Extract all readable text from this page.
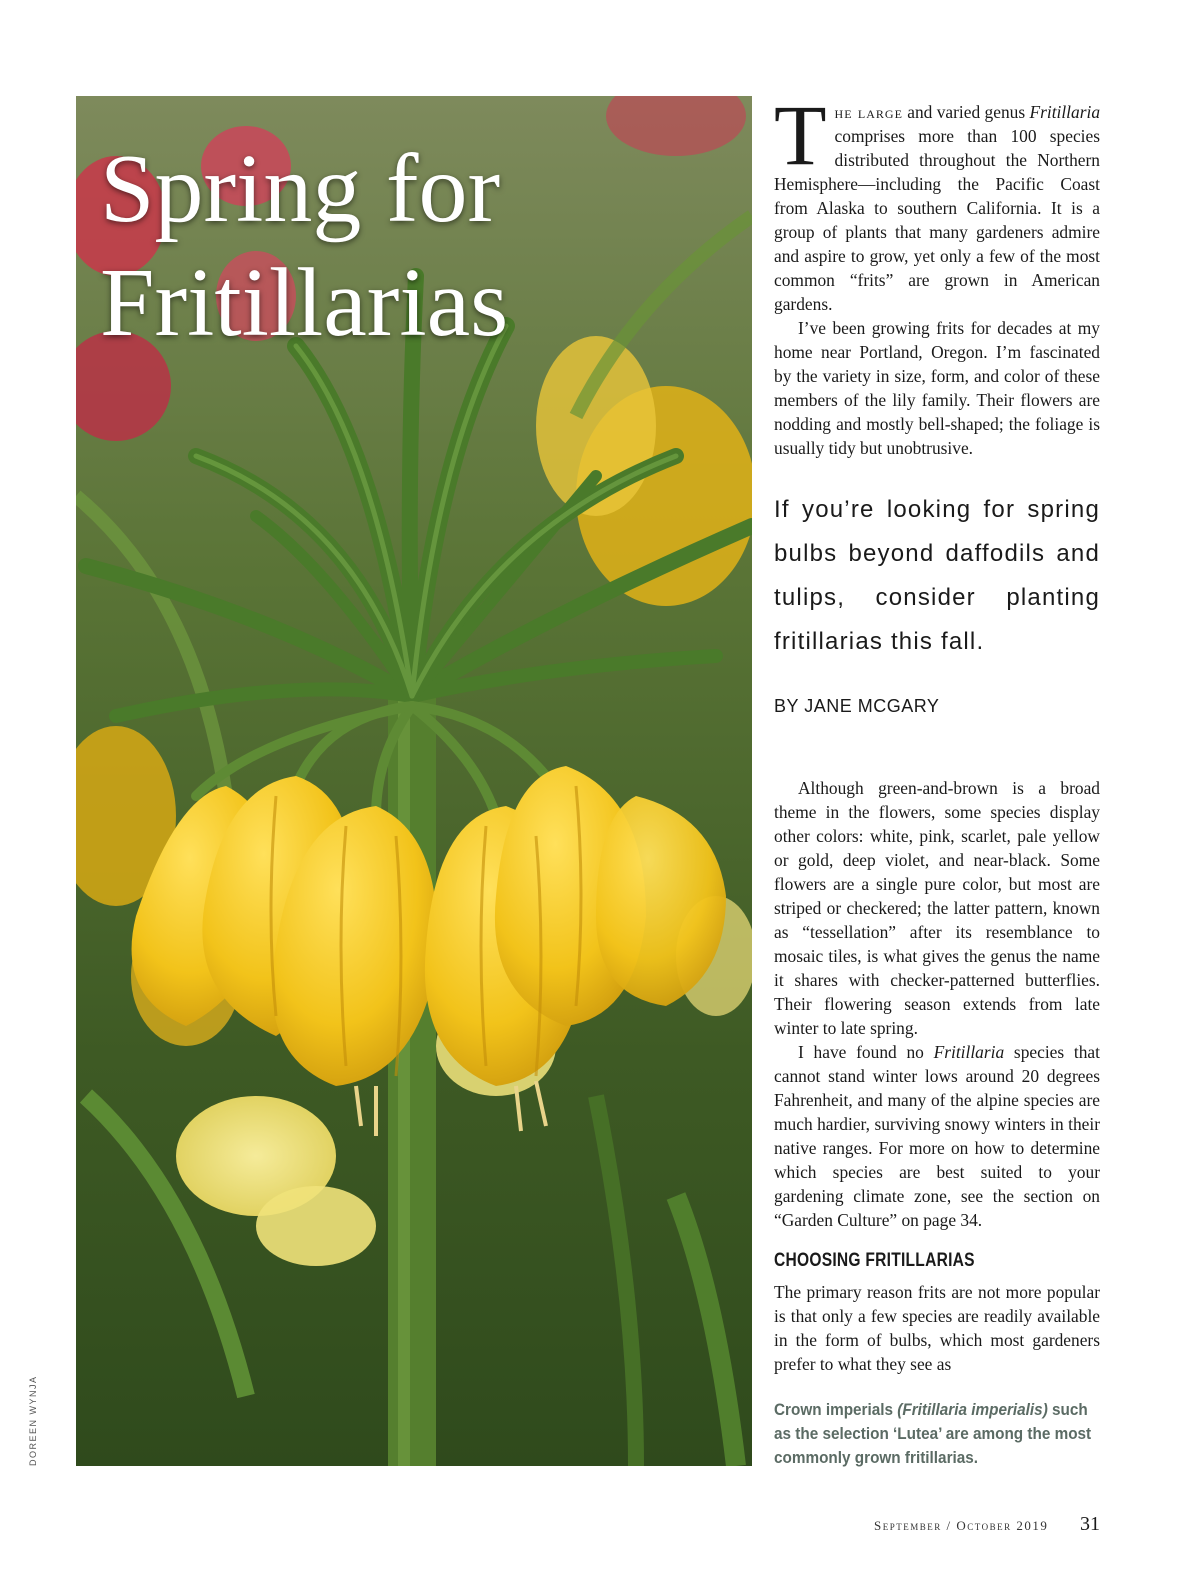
Spring for
Fritillarias
DOREEN WYNJA

The large and varied genus Fritillaria comprises more than 100 species distributed throughout the Northern Hemisphere—including the Pacific Coast from Alaska to southern California. It is a group of plants that many gardeners admire and aspire to grow, yet only a few of the most common “frits” are grown in American gardens.

I’ve been growing frits for decades at my home near Portland, Oregon. I’m fascinated by the variety in size, form, and color of these members of the lily family. Their flowers are nodding and mostly bell-shaped; the foliage is usually tidy but unobtrusive.

If you’re looking for spring bulbs beyond daffodils and tulips, consider planting fritillarias this fall.
BY JANE MCGARY

Although green-and-brown is a broad theme in the flowers, some species display other colors: white, pink, scarlet, pale yellow or gold, deep violet, and near-black. Some flowers are a single pure color, but most are striped or checkered; the latter pattern, known as “tessellation” after its resemblance to mosaic tiles, is what gives the genus the name it shares with checker-patterned butterflies. Their flowering season extends from late winter to late spring.

I have found no Fritillaria species that cannot stand winter lows around 20 degrees Fahrenheit, and many of the alpine species are much hardier, surviving snowy winters in their native ranges. For more on how to determine which species are best suited to your gardening climate zone, see the section on “Garden Culture” on page 34.

CHOOSING FRITILLARIAS

The primary reason frits are not more popular is that only a few species are readily available in the form of bulbs, which most gardeners prefer to what they see as

Crown imperials (Fritillaria imperialis) such as the selection ‘Lutea’ are among the most commonly grown fritillarias.
September / October 2019 31
